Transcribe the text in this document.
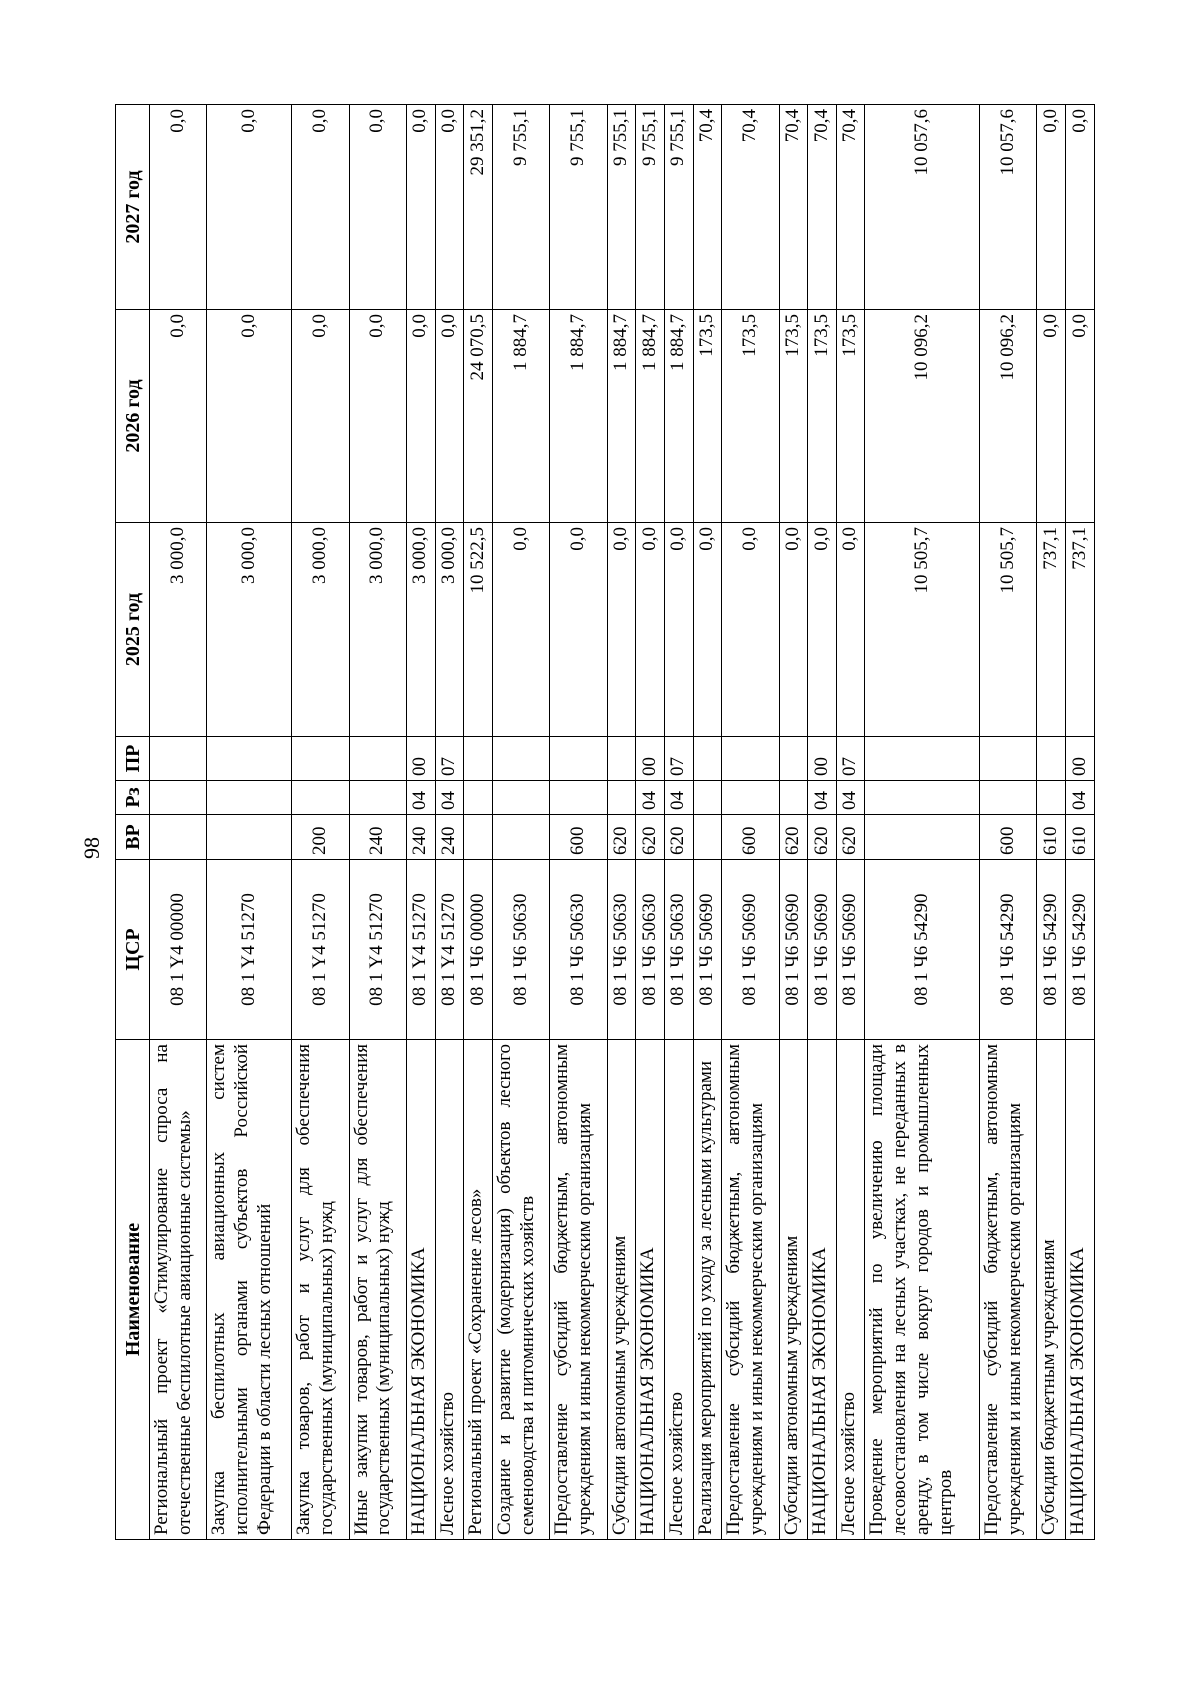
98
Наименование	ЦСР	ВР	Рз	ПР	2025 год	2026 год	2027 год
Региональный проект «Стимулирование спроса на отечественные беспилотные авиационные системы»	08 1 Y4 00000				3 000,0	0,0	0,0
Закупка беспилотных авиационных систем исполнительными органами субъектов Российской Федерации в области лесных отношений	08 1 Y4 51270				3 000,0	0,0	0,0
Закупка товаров, работ и услуг для обеспечения государственных (муниципальных) нужд	08 1 Y4 51270	200			3 000,0	0,0	0,0
Иные закупки товаров, работ и услуг для обеспечения государственных (муниципальных) нужд	08 1 Y4 51270	240			3 000,0	0,0	0,0
НАЦИОНАЛЬНАЯ ЭКОНОМИКА	08 1 Y4 51270	240	04	00	3 000,0	0,0	0,0
Лесное хозяйство	08 1 Y4 51270	240	04	07	3 000,0	0,0	0,0
Региональный проект «Сохранение лесов»	08 1 Ч6 00000				10 522,5	24 070,5	29 351,2
Создание и развитие (модернизация) объектов лесного семеноводства и питомнических хозяйств	08 1 Ч6 50630				0,0	1 884,7	9 755,1
Предоставление субсидий бюджетным, автономным учреждениям и иным некоммерческим организациям	08 1 Ч6 50630	600			0,0	1 884,7	9 755,1
Субсидии автономным учреждениям	08 1 Ч6 50630	620			0,0	1 884,7	9 755,1
НАЦИОНАЛЬНАЯ ЭКОНОМИКА	08 1 Ч6 50630	620	04	00	0,0	1 884,7	9 755,1
Лесное хозяйство	08 1 Ч6 50630	620	04	07	0,0	1 884,7	9 755,1
Реализация мероприятий по уходу за лесными культурами	08 1 Ч6 50690				0,0	173,5	70,4
Предоставление субсидий бюджетным, автономным учреждениям и иным некоммерческим организациям	08 1 Ч6 50690	600			0,0	173,5	70,4
Субсидии автономным учреждениям	08 1 Ч6 50690	620			0,0	173,5	70,4
НАЦИОНАЛЬНАЯ ЭКОНОМИКА	08 1 Ч6 50690	620	04	00	0,0	173,5	70,4
Лесное хозяйство	08 1 Ч6 50690	620	04	07	0,0	173,5	70,4
Проведение мероприятий по увеличению площади лесовосстановления на лесных участках, не переданных в аренду, в том числе вокруг городов и промышленных центров	08 1 Ч6 54290				10 505,7	10 096,2	10 057,6
Предоставление субсидий бюджетным, автономным учреждениям и иным некоммерческим организациям	08 1 Ч6 54290	600			10 505,7	10 096,2	10 057,6
Субсидии бюджетным учреждениям	08 1 Ч6 54290	610			737,1	0,0	0,0
НАЦИОНАЛЬНАЯ ЭКОНОМИКА	08 1 Ч6 54290	610	04	00	737,1	0,0	0,0
